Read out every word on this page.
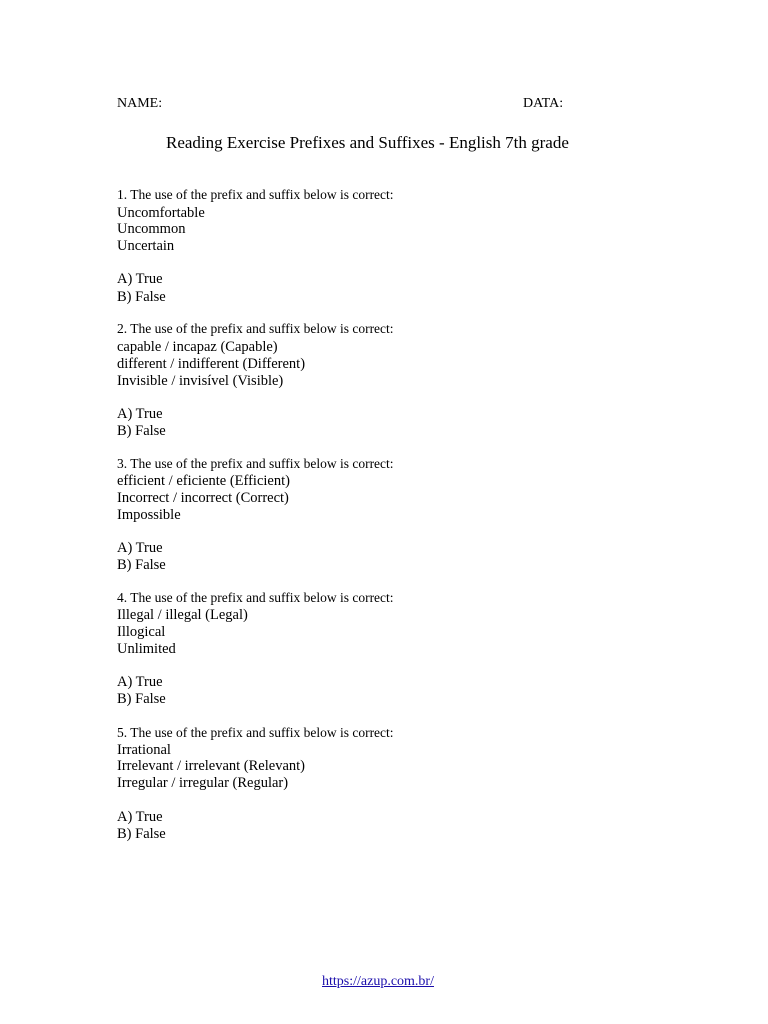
NAME:	DATA:
Reading Exercise Prefixes and Suffixes - English 7th grade
1. The use of the prefix and suffix below is correct:
Uncomfortable
Uncommon
Uncertain
A) True
B) False
2. The use of the prefix and suffix below is correct:
capable / incapaz (Capable)
different / indifferent (Different)
Invisible / invisível (Visible)
A) True
B) False
3. The use of the prefix and suffix below is correct:
efficient / eficiente (Efficient)
Incorrect / incorrect (Correct)
Impossible
A) True
B) False
4. The use of the prefix and suffix below is correct:
Illegal / illegal (Legal)
Illogical
Unlimited
A) True
B) False
5. The use of the prefix and suffix below is correct:
Irrational
Irrelevant / irrelevant (Relevant)
Irregular / irregular (Regular)
A) True
B) False
https://azup.com.br/
